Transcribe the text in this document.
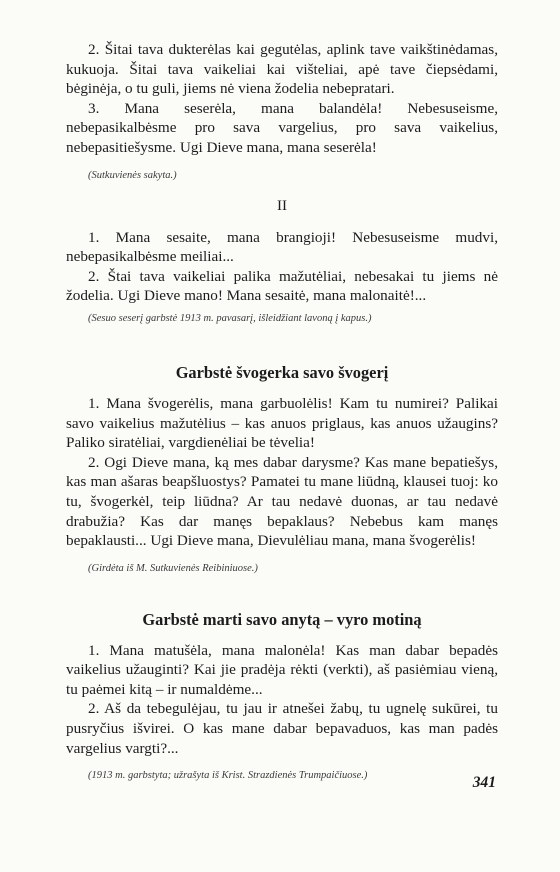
2. Šitai tava dukterėlas kai gegutėlas, aplink tave vaikštinėdamas, kukuoja. Šitai tava vaikeliai kai vištеliai, apė tave čiepsėdami, bėginėja, o tu guli, jiems nė viena žodelia nebepratari.

3. Mana seserėla, mana balandėla! Nebesuseisme, nebepasikalbėsme pro sava vargelius, pro sava vaikelius, nebepasitiešysme. Ugi Dieve mana, mana seserėla!

(Sutkuvienės sakyta.)

II

1. Mana sesaite, mana brangioji! Nebesuseisme mudvi, nebepasikalbėsme meiliai...

2. Štai tava vaikeliai palika mažutėliai, nebesakai tu jiems nė žodelia. Ugi Dieve mano! Mana sesaitė, mana malonaitė!...

(Sesuo seserį garbstė 1913 m. pavasarį, išleidžiant lavoną į kapus.)

Garbstė švogerka savo švogerį

1. Mana švogerėlis, mana garbuolėlis! Kam tu numirei? Palikai savo vaikelius mažutėlius – kas anuos priglaus, kas anuos užaugins? Paliko siratėliai, vargdienėliai be tėvelia!

2. Ogi Dieve mana, ką mes dabar darysme? Kas mane bepatiešys, kas man ašaras beapšluostys? Pamatei tu mane liūdną, klausei tuoj: ko tu, švogerkėl, teip liūdna? Ar tau nedavė duonas, ar tau nedavė drabužia? Kas dar manęs bepaklaus? Nebebus kam manęs bepaklausti... Ugi Dieve mana, Dievulėliau mana, mana švogerėlis!

(Girdėta iš M. Sutkuvienės Reibiniuose.)

Garbstė marti savo anytą – vyro motiną

1. Mana matušėla, mana malonėla! Kas man dabar bepadės vaikelius užauginti? Kai jie pradėja rėkti (verkti), aš pasiėmiau vieną, tu paėmei kitą – ir numaldėme...

2. Aš da tebegulėjau, tu jau ir atnešei žabų, tu ugnelę sukūrei, tu pusryčius išvirei. O kas mane dabar bepavaduos, kas man padės vargelius vargti?...

(1913 m. garbstyta; užrašyta iš Krist. Strazdienės Trumpaičiuose.)	341
